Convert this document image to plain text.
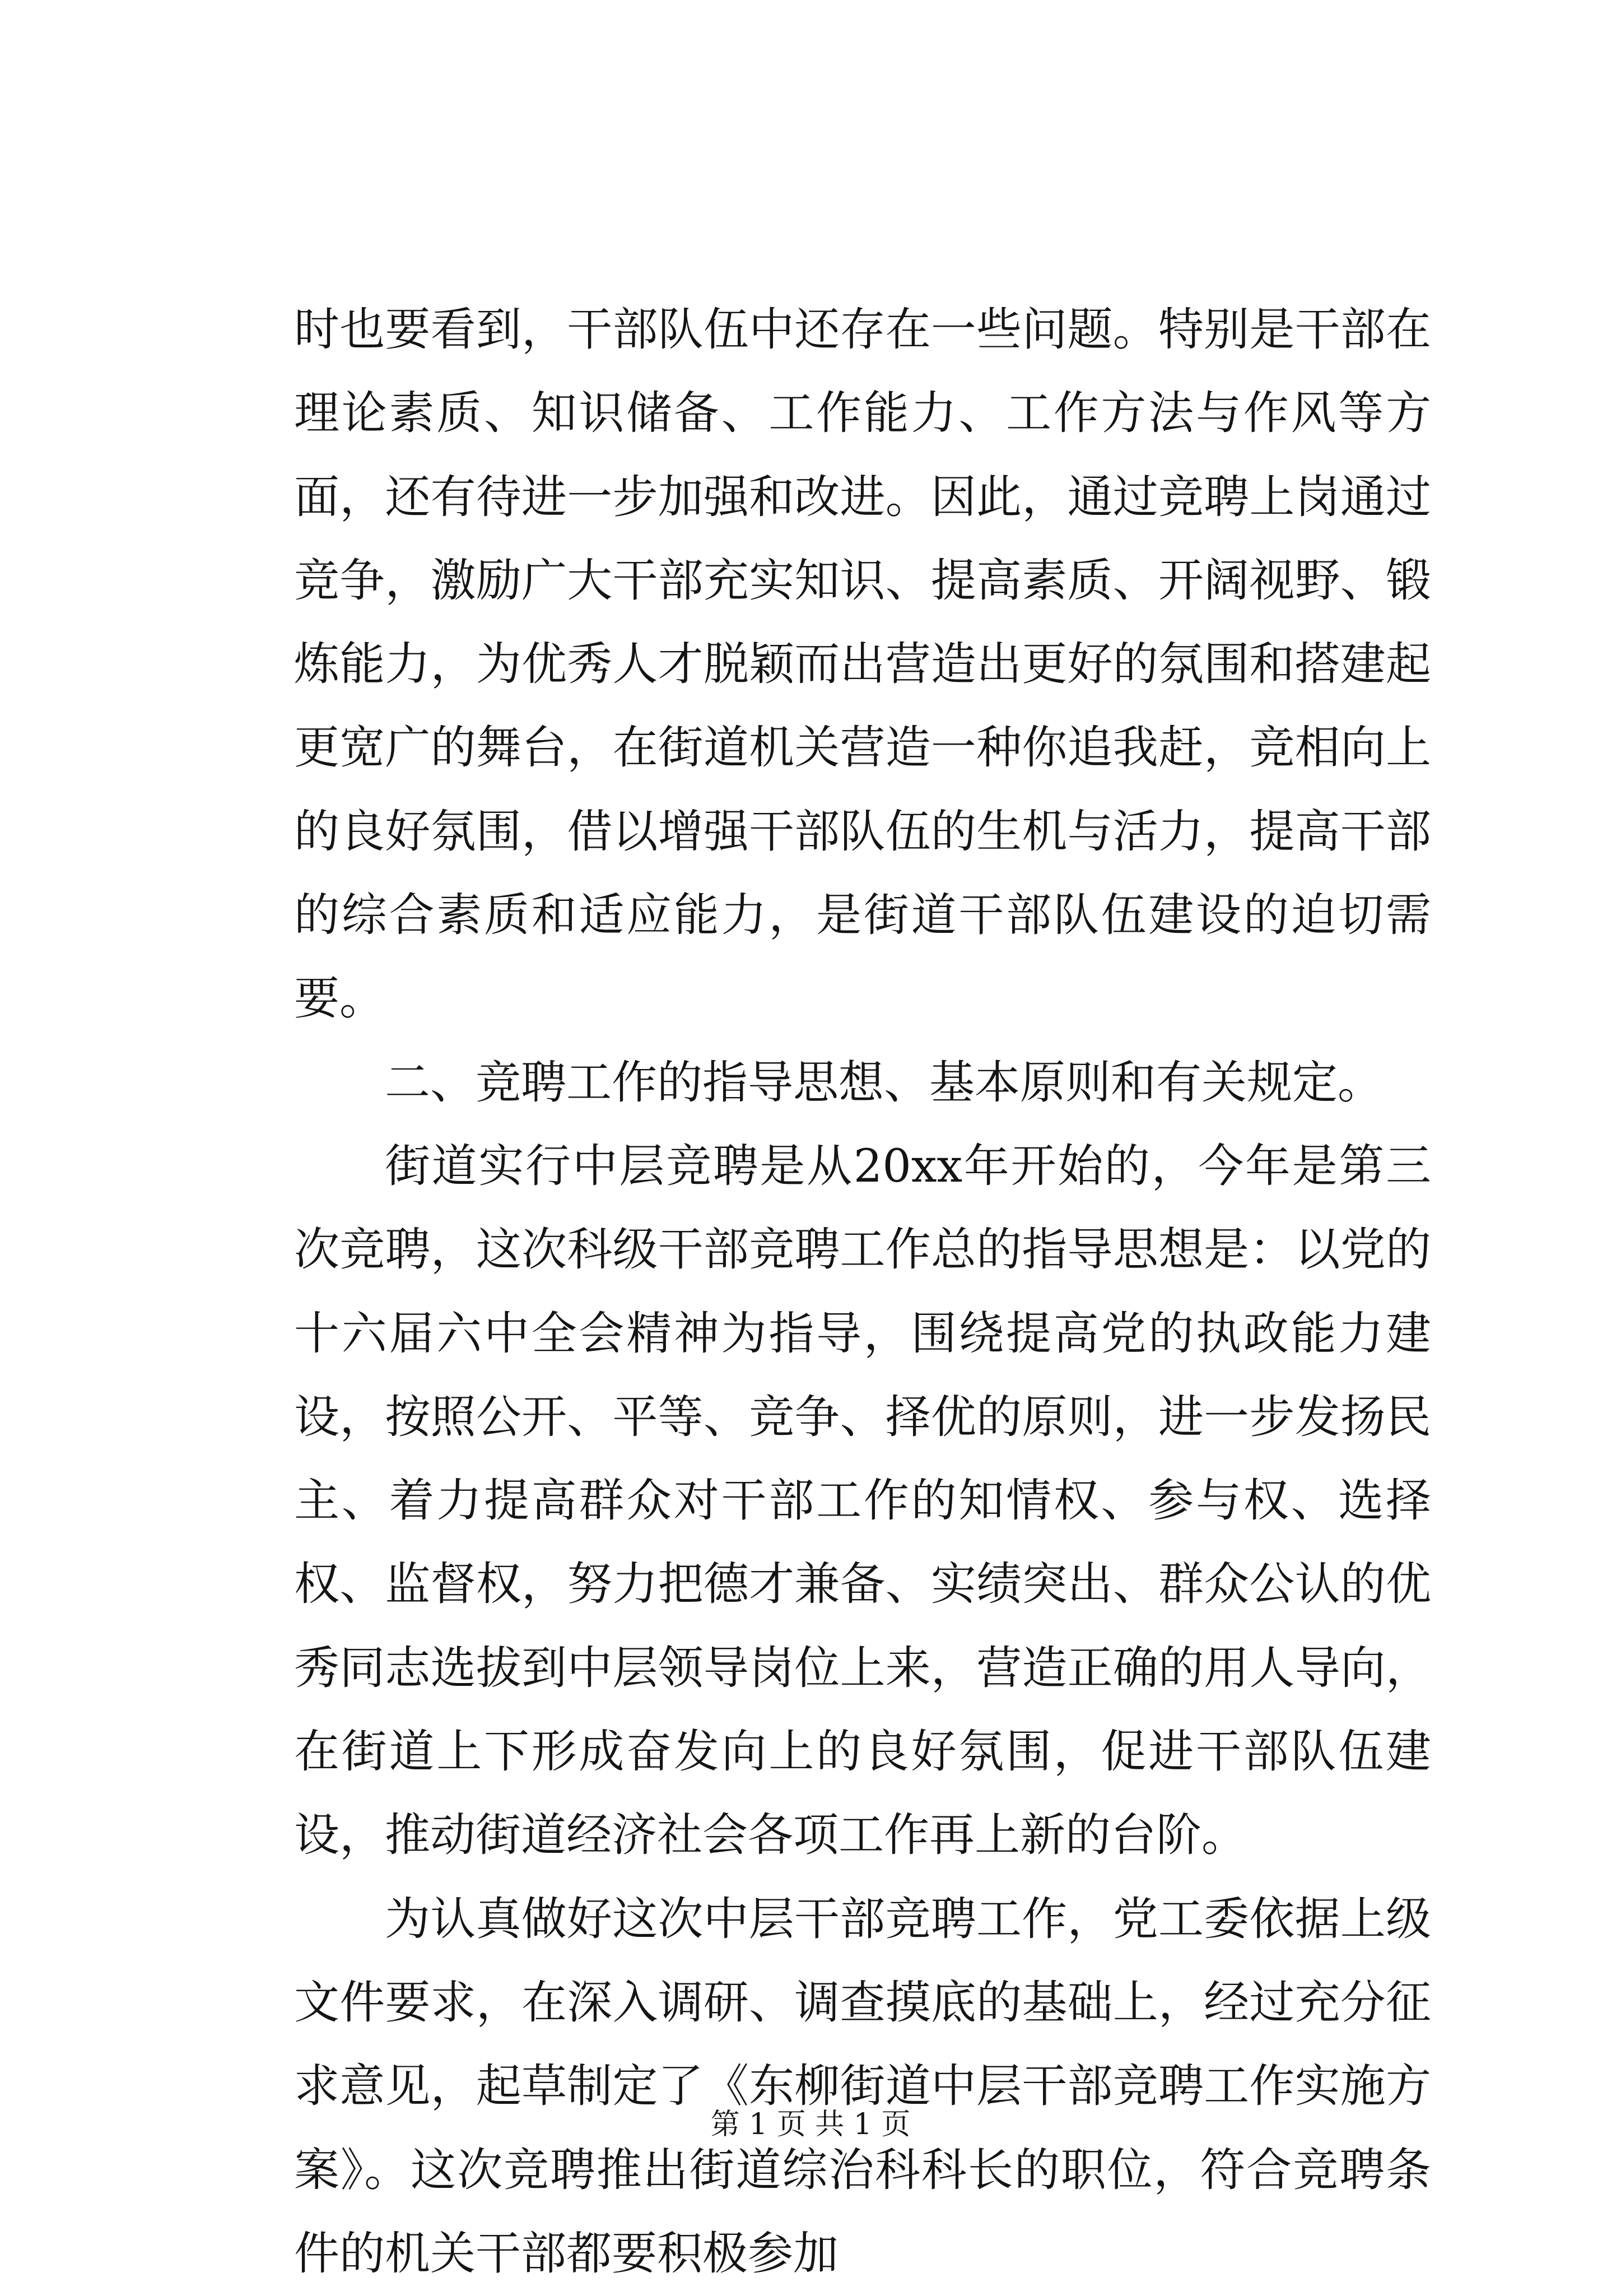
时也要看到，干部队伍中还存在一些问题。特别是干部在理论素质、知识储备、工作能力、工作方法与作风等方面，还有待进一步加强和改进。因此，通过竞聘上岗通过竞争，激励广大干部充实知识、提高素质、开阔视野、锻炼能力，为优秀人才脱颖而出营造出更好的氛围和搭建起更宽广的舞台，在街道机关营造一种你追我赶，竞相向上的良好氛围，借以增强干部队伍的生机与活力，提高干部的综合素质和适应能力，是街道干部队伍建设的迫切需要。

二、竞聘工作的指导思想、基本原则和有关规定。

街道实行中层竞聘是从20xx年开始的，今年是第三次竞聘，这次科级干部竞聘工作总的指导思想是：以党的十六届六中全会精神为指导，围绕提高党的执政能力建设，按照公开、平等、竞争、择优的原则，进一步发扬民主、着力提高群众对干部工作的知情权、参与权、选择权、监督权，努力把德才兼备、实绩突出、群众公认的优秀同志选拔到中层领导岗位上来，营造正确的用人导向，在街道上下形成奋发向上的良好氛围，促进干部队伍建设，推动街道经济社会各项工作再上新的台阶。

为认真做好这次中层干部竞聘工作，党工委依据上级文件要求，在深入调研、调查摸底的基础上，经过充分征求意见，起草制定了《东柳街道中层干部竞聘工作实施方案》。这次竞聘推出街道综治科科长的职位，符合竞聘条件的机关干部都要积极参加

第 1 页 共 1 页
